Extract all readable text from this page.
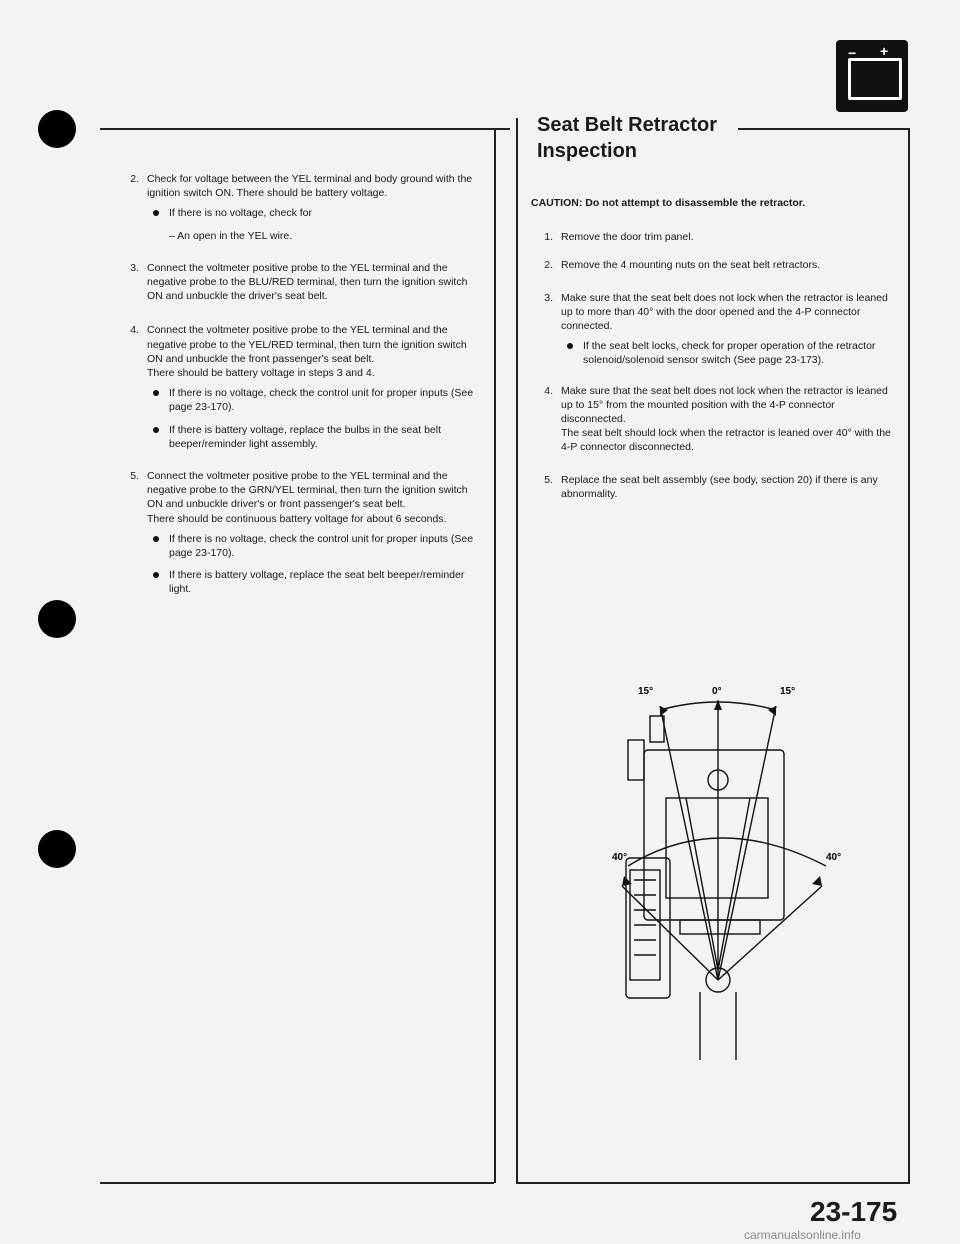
− +
2. Check for voltage between the YEL terminal and body ground with the ignition switch ON. There should be battery voltage.

If there is no voltage, check for
– An open in the YEL wire.
3. Connect the voltmeter positive probe to the YEL terminal and the negative probe to the BLU/RED terminal, then turn the ignition switch ON and unbuckle the driver's seat belt.

4. Connect the voltmeter positive probe to the YEL terminal and the negative probe to the YEL/RED terminal, then turn the ignition switch ON and unbuckle the front passenger's seat belt.

There should be battery voltage in steps 3 and 4.

If there is no voltage, check the control unit for proper inputs (See page 23-170).
If there is battery voltage, replace the bulbs in the seat belt beeper/reminder light assembly.
5. Connect the voltmeter positive probe to the YEL terminal and the negative probe to the GRN/YEL terminal, then turn the ignition switch ON and unbuckle driver's or front passenger's seat belt.

There should be continuous battery voltage for about 6 seconds.

If there is no voltage, check the control unit for proper inputs (See page 23-170).
If there is battery voltage, replace the seat belt beeper/reminder light.
Seat Belt Retractor
Inspection

CAUTION: Do not attempt to disassemble the retractor.

1. Remove the door trim panel.

2. Remove the 4 mounting nuts on the seat belt retractors.

3. Make sure that the seat belt does not lock when the retractor is leaned up to more than 40° with the door opened and the 4-P connector connected.

If the seat belt locks, check for proper operation of the retractor solenoid/solenoid sensor switch (See page 23-173).
4. Make sure that the seat belt does not lock when the retractor is leaned up to 15° from the mounted position with the 4-P connector disconnected.

The seat belt should lock when the retractor is leaned over 40° with the 4-P connector disconnected.

5. Replace the seat belt assembly (see body, section 20) if there is any abnormality.

15°	0°	15°
40°	40°
23-175
carmanualsonline.info
